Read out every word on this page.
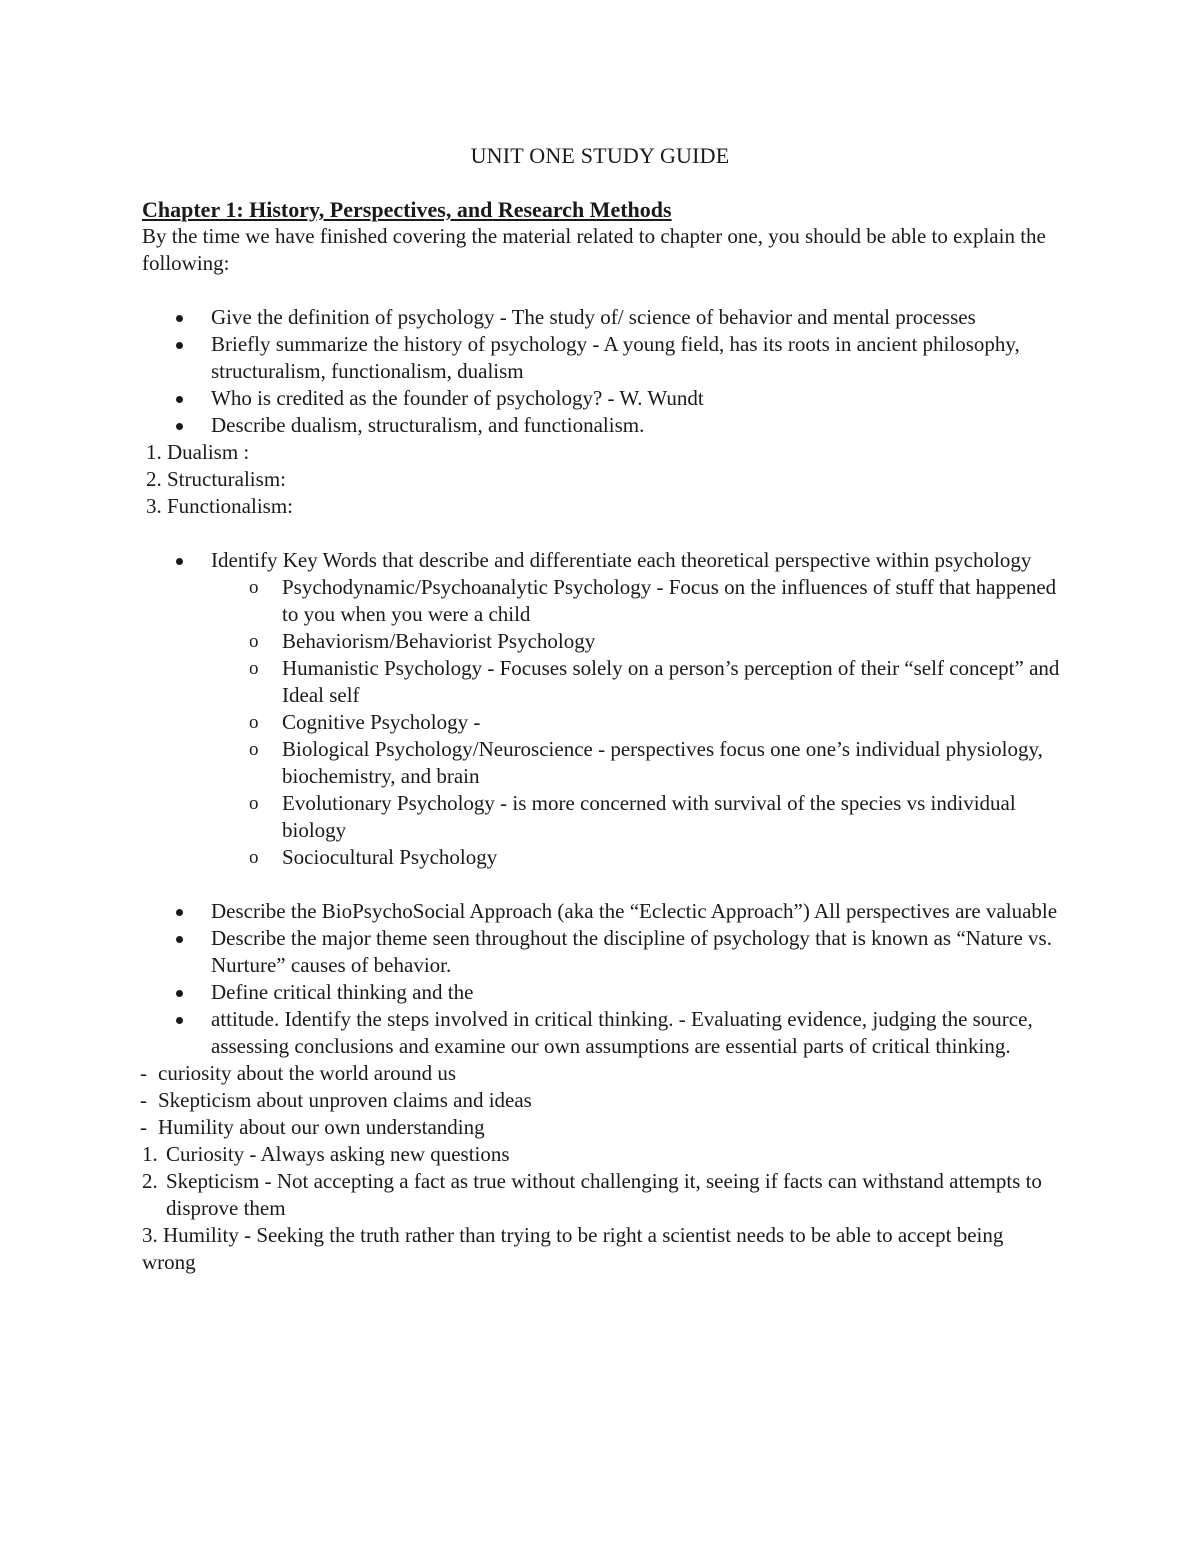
UNIT ONE STUDY GUIDE
Chapter 1: History, Perspectives, and Research Methods

By the time we have finished covering the material related to chapter one, you should be able to explain the following:

Give the definition of psychology - The study of/ science of behavior and mental processes
Briefly summarize the history of psychology - A young field, has its roots in ancient philosophy, structuralism, functionalism, dualism
Who is credited as the founder of psychology? - W. Wundt
Describe dualism, structuralism, and functionalism.
1. Dualism :
2. Structuralism:
3. Functionalism:
Identify Key Words that describe and differentiate each theoretical perspective within psychology
o Psychodynamic/Psychoanalytic Psychology - Focus on the influences of stuff that happened to you when you were a child
o Behaviorism/Behaviorist Psychology
o Humanistic Psychology - Focuses solely on a person’s perception of their “self concept” and Ideal self
o Cognitive Psychology -
o Biological Psychology/Neuroscience - perspectives focus one one’s individual physiology, biochemistry, and brain
o Evolutionary Psychology - is more concerned with survival of the species vs individual biology
o Sociocultural Psychology
Describe the BioPsychoSocial Approach (aka the “Eclectic Approach”) All perspectives are valuable
Describe the major theme seen throughout the discipline of psychology that is known as “Nature vs. Nurture” causes of behavior.
Define critical thinking and the
attitude. Identify the steps involved in critical thinking. - Evaluating evidence, judging the source, assessing conclusions and examine our own assumptions are essential parts of critical thinking.
- curiosity about the world around us
- Skepticism about unproven claims and ideas
- Humility about our own understanding
1. Curiosity - Always asking new questions
2. Skepticism - Not accepting a fact as true without challenging it, seeing if facts can withstand attempts to disprove them

3. Humility - Seeking the truth rather than trying to be right a scientist needs to be able to accept being wrong
